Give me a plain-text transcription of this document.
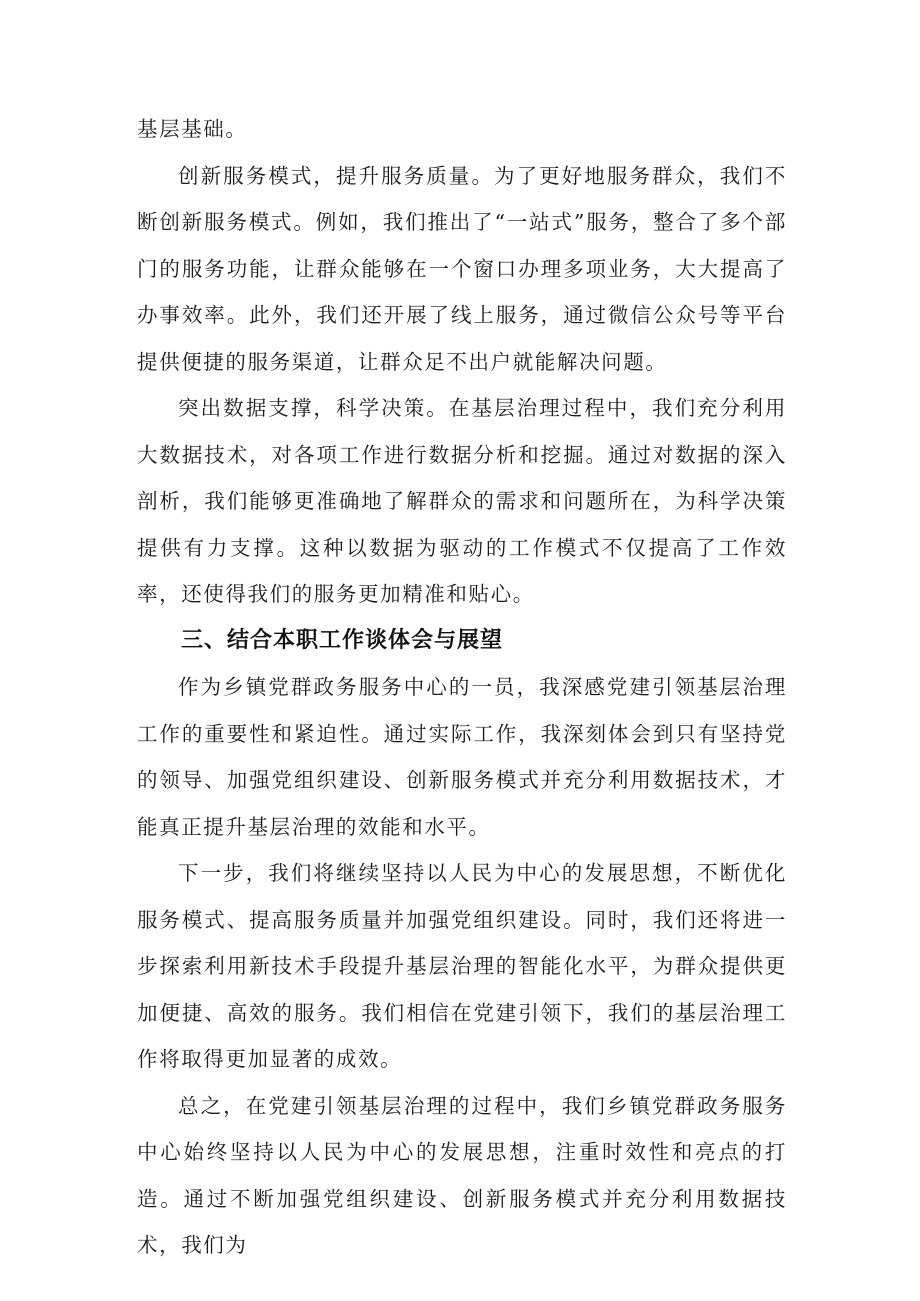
基层基础。

创新服务模式，提升服务质量。为了更好地服务群众，我们不断创新服务模式。例如，我们推出了“一站式”服务，整合了多个部门的服务功能，让群众能够在一个窗口办理多项业务，大大提高了办事效率。此外，我们还开展了线上服务，通过微信公众号等平台提供便捷的服务渠道，让群众足不出户就能解决问题。

突出数据支撑，科学决策。在基层治理过程中，我们充分利用大数据技术，对各项工作进行数据分析和挖掘。通过对数据的深入剖析，我们能够更准确地了解群众的需求和问题所在，为科学决策提供有力支撑。这种以数据为驱动的工作模式不仅提高了工作效率，还使得我们的服务更加精准和贴心。

三、结合本职工作谈体会与展望

作为乡镇党群政务服务中心的一员，我深感党建引领基层治理工作的重要性和紧迫性。通过实际工作，我深刻体会到只有坚持党的领导、加强党组织建设、创新服务模式并充分利用数据技术，才能真正提升基层治理的效能和水平。

下一步，我们将继续坚持以人民为中心的发展思想，不断优化服务模式、提高服务质量并加强党组织建设。同时，我们还将进一步探索利用新技术手段提升基层治理的智能化水平，为群众提供更加便捷、高效的服务。我们相信在党建引领下，我们的基层治理工作将取得更加显著的成效。

总之，在党建引领基层治理的过程中，我们乡镇党群政务服务中心始终坚持以人民为中心的发展思想，注重时效性和亮点的打造。通过不断加强党组织建设、创新服务模式并充分利用数据技术，我们为
